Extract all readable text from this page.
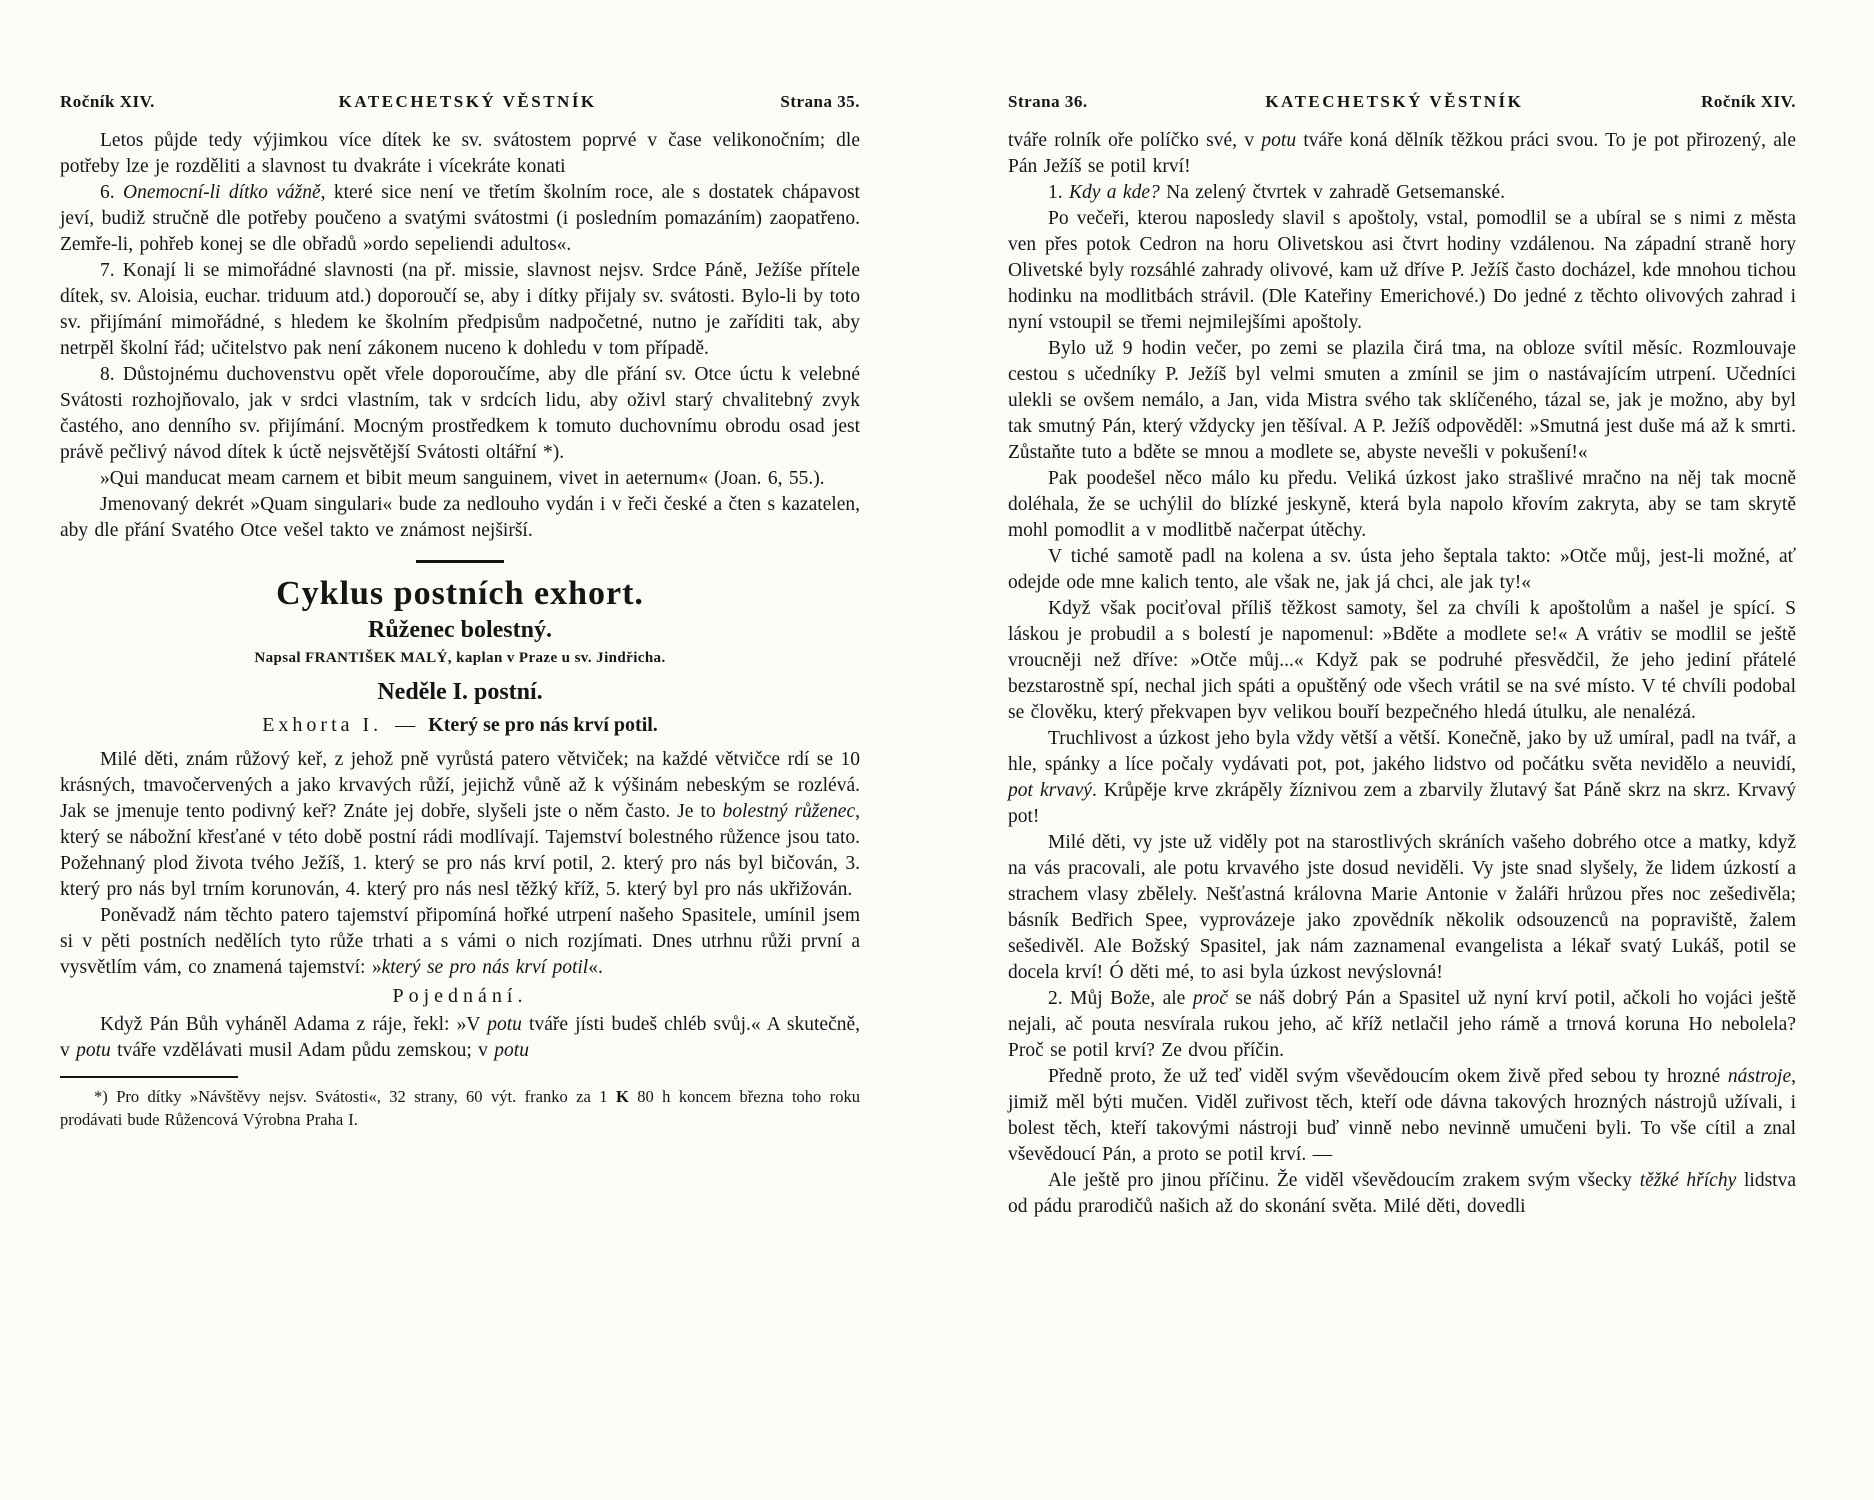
Ročník XIV.	KATECHETSKÝ VĚSTNÍK	Strana 35.

Letos půjde tedy výjimkou více dítek ke sv. svátostem poprvé v čase velikonočním; dle potřeby lze je rozděliti a slavnost tu dvakráte i vícekráte konati

6. Onemocní-li dítko vážně, které sice není ve třetím školním roce, ale s dostatek chápavost jeví, budiž stručně dle potřeby poučeno a svatými svátostmi (i posledním pomazáním) zaopatřeno. Zemře-li, pohřeb konej se dle obřadů »ordo sepeliendi adultos«.

7. Konají li se mimořádné slavnosti (na př. missie, slavnost nejsv. Srdce Páně, Ježíše přítele dítek, sv. Aloisia, euchar. triduum atd.) doporoučí se, aby i dítky přijaly sv. svátosti. Bylo-li by toto sv. přijímání mimořádné, s hledem ke školním předpisům nadpočetné, nutno je zaříditi tak, aby netrpěl školní řád; učitelstvo pak není zákonem nuceno k dohledu v tom případě.

8. Důstojnému duchovenstvu opět vřele doporoučíme, aby dle přání sv. Otce úctu k velebné Svátosti rozhojňovalo, jak v srdci vlastním, tak v srdcích lidu, aby oživl starý chvalitebný zvyk častého, ano denního sv. přijímání. Mocným prostředkem k tomuto duchovnímu obrodu osad jest právě pečlivý návod dítek k úctě nejsvětější Svátosti oltářní *).

»Qui manducat meam carnem et bibit meum sanguinem, vivet in aeternum« (Joan. 6, 55.).

Jmenovaný dekrét »Quam singulari« bude za nedlouho vydán i v řeči české a čten s kazatelen, aby dle přání Svatého Otce vešel takto ve známost nejširší.

Cyklus postních exhort.
Růženec bolestný.
Napsal FRANTIŠEK MALÝ, kaplan v Praze u sv. Jindřicha.
Neděle I. postní.
Exhorta I. — Který se pro nás krví potil.

Milé děti, znám růžový keř, z jehož pně vyrůstá patero větviček; na každé větvičce rdí se 10 krásných, tmavočervených a jako krvavých růží, jejichž vůně až k výšinám nebeským se rozlévá. Jak se jmenuje tento podivný keř? Znáte jej dobře, slyšeli jste o něm často. Je to bolestný růženec, který se nábožní křesťané v této době postní rádi modlívají. Tajemství bolestného růžence jsou tato. Požehnaný plod života tvého Ježíš, 1. který se pro nás krví potil, 2. který pro nás byl bičován, 3. který pro nás byl trním korunován, 4. který pro nás nesl těžký kříž, 5. který byl pro nás ukřižován.

Poněvadž nám těchto patero tajemství připomíná hořké utrpení našeho Spasitele, umínil jsem si v pěti postních nedělích tyto růže trhati a s vámi o nich rozjímati. Dnes utrhnu růži první a vysvětlím vám, co znamená tajemství: »který se pro nás krví potil«.

Pojednání.

Když Pán Bůh vyháněl Adama z ráje, řekl: »V potu tváře jísti budeš chléb svůj.« A skutečně, v potu tváře vzdělávati musil Adam půdu zemskou; v potu

*) Pro dítky »Návštěvy nejsv. Svátosti«, 32 strany, 60 výt. franko za 1 K 80 h koncem března toho roku prodávati bude Růžencová Výrobna Praha I.

Strana 36.	KATECHETSKÝ VĚSTNÍK	Ročník XIV.

tváře rolník oře políčko své, v potu tváře koná dělník těžkou práci svou. To je pot přirozený, ale Pán Ježíš se potil krví!

1. Kdy a kde? Na zelený čtvrtek v zahradě Getsemanské.

Po večeři, kterou naposledy slavil s apoštoly, vstal, pomodlil se a ubíral se s nimi z města ven přes potok Cedron na horu Olivetskou asi čtvrt hodiny vzdálenou. Na západní straně hory Olivetské byly rozsáhlé zahrady olivové, kam už dříve P. Ježíš často docházel, kde mnohou tichou hodinku na modlitbách strávil. (Dle Kateřiny Emerichové.) Do jedné z těchto olivových zahrad i nyní vstoupil se třemi nejmilejšími apoštoly.

Bylo už 9 hodin večer, po zemi se plazila čirá tma, na obloze svítil měsíc. Rozmlouvaje cestou s učedníky P. Ježíš byl velmi smuten a zmínil se jim o nastávajícím utrpení. Učedníci ulekli se ovšem nemálo, a Jan, vida Mistra svého tak sklíčeného, tázal se, jak je možno, aby byl tak smutný Pán, který vždycky jen těšíval. A P. Ježíš odpověděl: »Smutná jest duše má až k smrti. Zůstaňte tuto a bděte se mnou a modlete se, abyste nevešli v pokušení!«

Pak poodešel něco málo ku předu. Veliká úzkost jako strašlivé mračno na něj tak mocně doléhala, že se uchýlil do blízké jeskyně, která byla napolo křovím zakryta, aby se tam skrytě mohl pomodlit a v modlitbě načerpat útěchy.

V tiché samotě padl na kolena a sv. ústa jeho šeptala takto: »Otče můj, jest-li možné, ať odejde ode mne kalich tento, ale však ne, jak já chci, ale jak ty!«

Když však pociťoval příliš těžkost samoty, šel za chvíli k apoštolům a našel je spící. S láskou je probudil a s bolestí je napomenul: »Bděte a modlete se!« A vrátiv se modlil se ještě vroucněji než dříve: »Otče můj...« Když pak se podruhé přesvědčil, že jeho jediní přátelé bezstarostně spí, nechal jich spáti a opuštěný ode všech vrátil se na své místo. V té chvíli podobal se člověku, který překvapen byv velikou bouří bezpečného hledá útulku, ale nenalézá.

Truchlivost a úzkost jeho byla vždy větší a větší. Konečně, jako by už umíral, padl na tvář, a hle, spánky a líce počaly vydávati pot, pot, jakého lidstvo od počátku světa nevidělo a neuvidí, pot krvavý. Krůpěje krve zkrápěly žíznivou zem a zbarvily žlutavý šat Páně skrz na skrz. Krvavý pot!

Milé děti, vy jste už viděly pot na starostlivých skráních vašeho dobrého otce a matky, když na vás pracovali, ale potu krvavého jste dosud neviděli. Vy jste snad slyšely, že lidem úzkostí a strachem vlasy zbělely. Nešťastná královna Marie Antonie v žaláři hrůzou přes noc zešedivěla; básník Bedřich Spee, vyprovázeje jako zpovědník několik odsouzenců na popraviště, žalem sešedivěl. Ale Božský Spasitel, jak nám zaznamenal evangelista a lékař svatý Lukáš, potil se docela krví! Ó děti mé, to asi byla úzkost nevýslovná!

2. Můj Bože, ale proč se náš dobrý Pán a Spasitel už nyní krví potil, ačkoli ho vojáci ještě nejali, ač pouta nesvírala rukou jeho, ač kříž netlačil jeho rámě a trnová koruna Ho nebolela? Proč se potil krví? Ze dvou příčin.

Předně proto, že už teď viděl svým vševědoucím okem živě před sebou ty hrozné nástroje, jimiž měl býti mučen. Viděl zuřivost těch, kteří ode dávna takových hrozných nástrojů užívali, i bolest těch, kteří takovými nástroji buď vinně nebo nevinně umučeni byli. To vše cítil a znal vševědoucí Pán, a proto se potil krví. —

Ale ještě pro jinou příčinu. Že viděl vševědoucím zrakem svým všecky těžké hříchy lidstva od pádu prarodičů našich až do skonání světa. Milé děti, dovedli
